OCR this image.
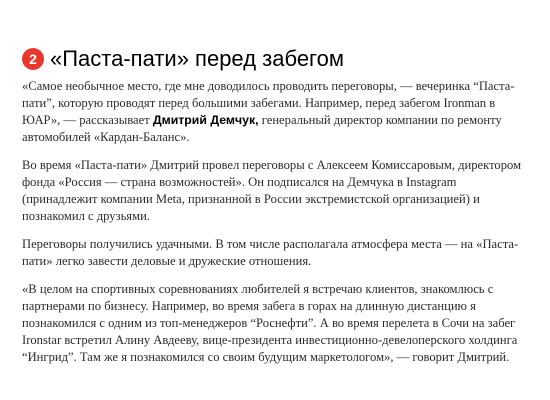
2 «Паста-пати» перед забегом

«Самое необычное место, где мне доводилось проводить переговоры, — вечеринка “Паста-пати”, которую проводят перед большими забегами. Например, перед забегом Ironman в ЮАР», — рассказывает Дмитрий Демчук, генеральный директор компании по ремонту автомобилей «Кардан-Баланс».

Во время «Паста-пати» Дмитрий провел переговоры с Алексеем Комиссаровым, директором фонда «Россия — страна возможностей». Он подписался на Демчука в Instagram (принадлежит компании Meta, признанной в России экстремистской организацией) и познакомил с друзьями.

Переговоры получились удачными. В том числе располагала атмосфера места — на «Паста-пати» легко завести деловые и дружеские отношения.

«В целом на спортивных соревнованиях любителей я встречаю клиентов, знакомлюсь с партнерами по бизнесу. Например, во время забега в горах на длинную дистанцию я познакомился с одним из топ-менеджеров “Роснефти”. А во время перелета в Сочи на забег Ironstar встретил Алину Авдееву, вице-президента инвестиционно-девелоперского холдинга “Ингрид”. Там же я познакомился со своим будущим маркетологом», — говорит Дмитрий.
